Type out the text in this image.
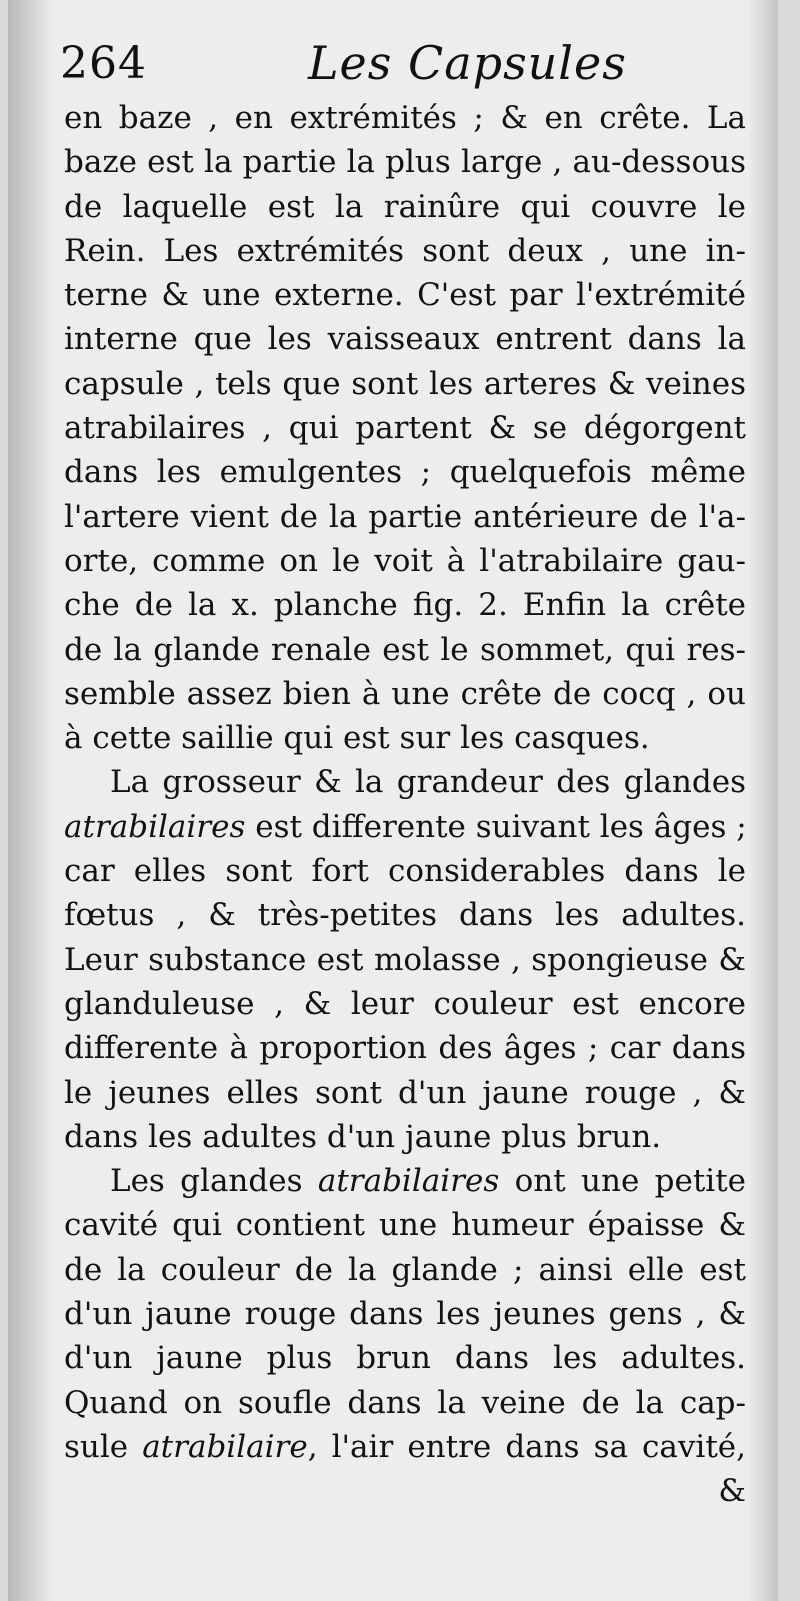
264	Les Capsules
en baze , en extrémités ; & en crête. La
baze est la partie la plus large , au-dessous
de laquelle est la rainûre qui couvre le
Rein. Les extrémités sont deux , une in-
terne & une externe. C'est par l'extrémité
interne que les vaisseaux entrent dans la
capsule , tels que sont les arteres & veines
atrabilaires , qui partent & se dégorgent
dans les emulgentes ; quelquefois même
l'artere vient de la partie antérieure de l'a-
orte, comme on le voit à l'atrabilaire gau-
che de la x. planche fig. 2. Enfin la crête
de la glande renale est le sommet, qui res-
semble assez bien à une crête de cocq , ou
à cette saillie qui est sur les casques.
La grosseur & la grandeur des glandes
atrabilaires est differente suivant les âges ;
car elles sont fort considerables dans le
fœtus , & très-petites dans les adultes.
Leur substance est molasse , spongieuse &
glanduleuse , & leur couleur est encore
differente à proportion des âges ; car dans
le jeunes elles sont d'un jaune rouge , &
dans les adultes d'un jaune plus brun.
Les glandes atrabilaires ont une petite
cavité qui contient une humeur épaisse &
de la couleur de la glande ; ainsi elle est
d'un jaune rouge dans les jeunes gens , &
d'un jaune plus brun dans les adultes.
Quand on soufle dans la veine de la cap-
sule atrabilaire, l'air entre dans sa cavité,
&
